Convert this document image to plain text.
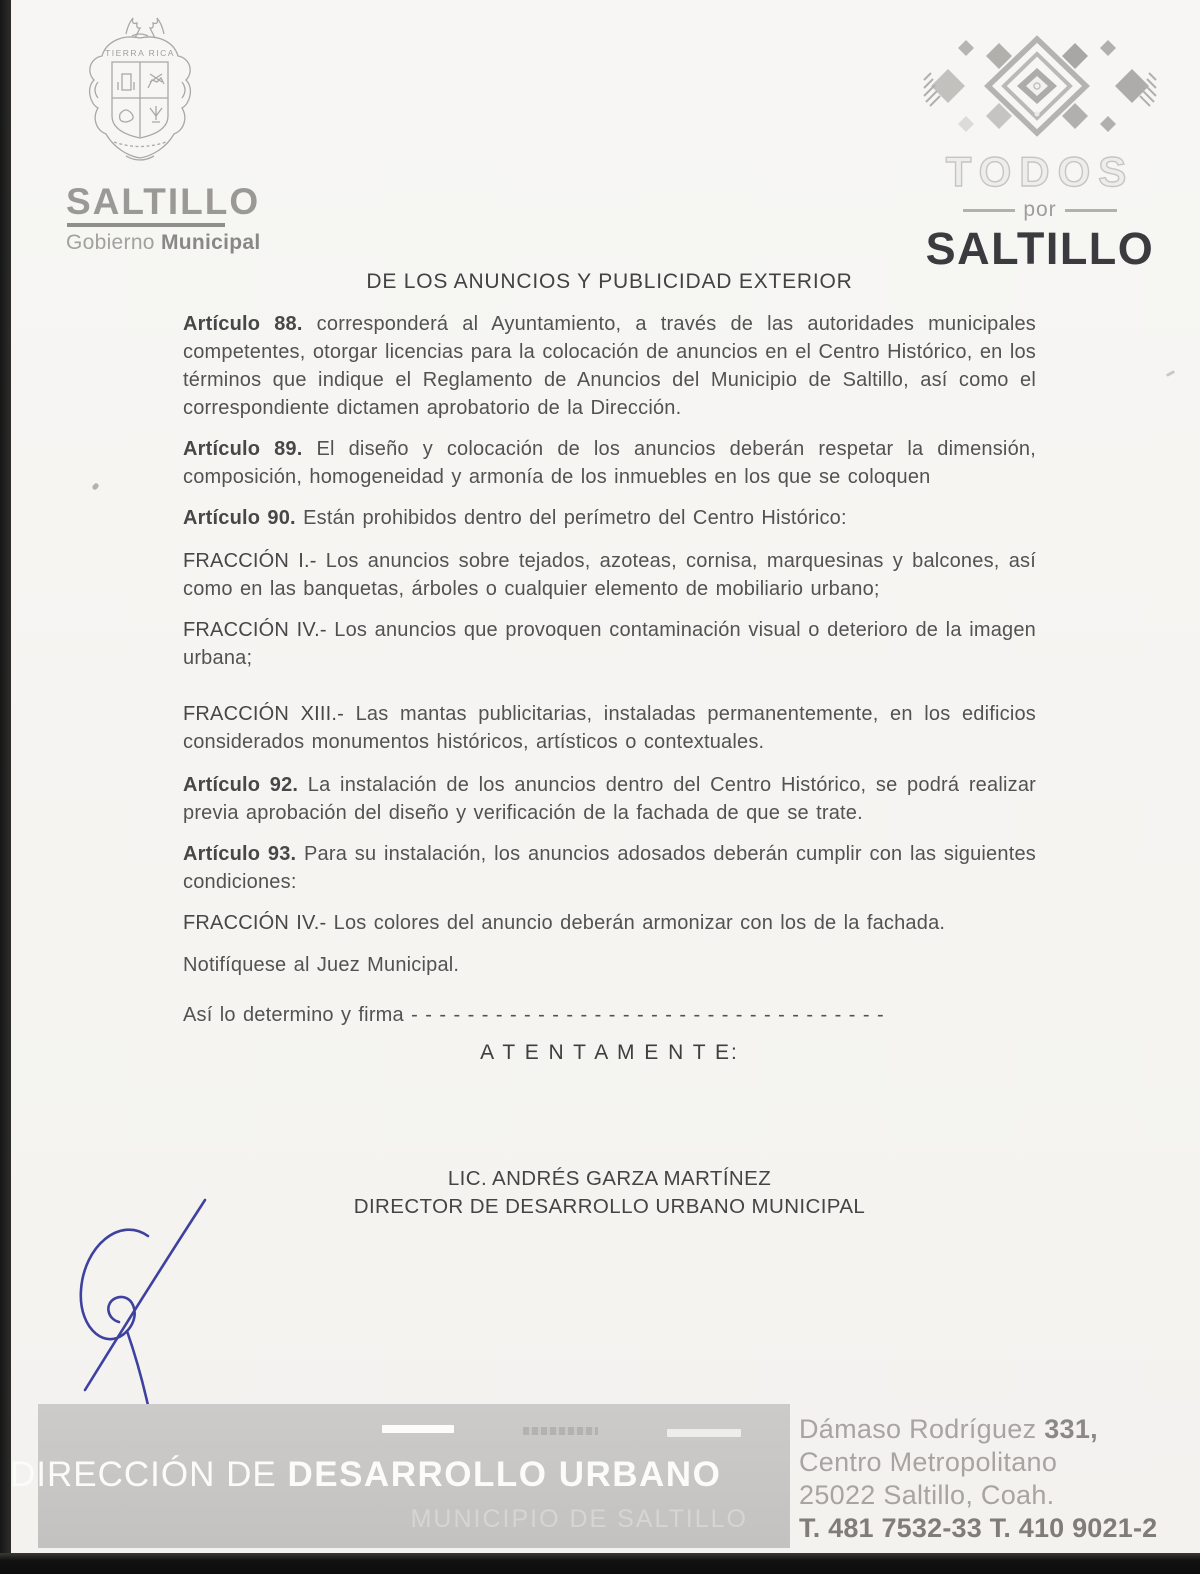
TIERRA RICA
SALTILLO
Gobierno Municipal
TODOS
por
SALTILLO
DE LOS ANUNCIOS Y PUBLICIDAD EXTERIOR

Artículo 88. corresponderá al Ayuntamiento, a través de las autoridades municipales competentes, otorgar licencias para la colocación de anuncios en el Centro Histórico, en los términos que indique el Reglamento de Anuncios del Municipio de Saltillo, así como el correspondiente dictamen aprobatorio de la Dirección.

Artículo 89. El diseño y colocación de los anuncios deberán respetar la dimensión, composición, homogeneidad y armonía de los inmuebles en los que se coloquen

Artículo 90. Están prohibidos dentro del perímetro del Centro Histórico:

FRACCIÓN I.- Los anuncios sobre tejados, azoteas, cornisa, marquesinas y balcones, así como en las banquetas, árboles o cualquier elemento de mobiliario urbano;

FRACCIÓN IV.- Los anuncios que provoquen contaminación visual o deterioro de la imagen urbana;

FRACCIÓN XIII.- Las mantas publicitarias, instaladas permanentemente, en los edificios considerados monumentos históricos, artísticos o contextuales.

Artículo 92. La instalación de los anuncios dentro del Centro Histórico, se podrá realizar previa aprobación del diseño y verificación de la fachada de que se trate.

Artículo 93. Para su instalación, los anuncios adosados deberán cumplir con las siguientes condiciones:

FRACCIÓN IV.- Los colores del anuncio deberán armonizar con los de la fachada.

Notifíquese al Juez Municipal.

Así lo determino y firma - - - - - - - - - - - - - - - - - - - - - - - - - - - - - - - - - -

A T E N T A M E N T E:

LIC. ANDRÉS GARZA MARTÍNEZ
DIRECTOR DE DESARROLLO URBANO MUNICIPAL
DIRECCIÓN DE DESARROLLO URBANO
MUNICIPIO DE SALTILLO
Dámaso Rodríguez 331,
Centro Metropolitano
25022 Saltillo, Coah.
T. 481 7532-33 T. 410 9021-2
